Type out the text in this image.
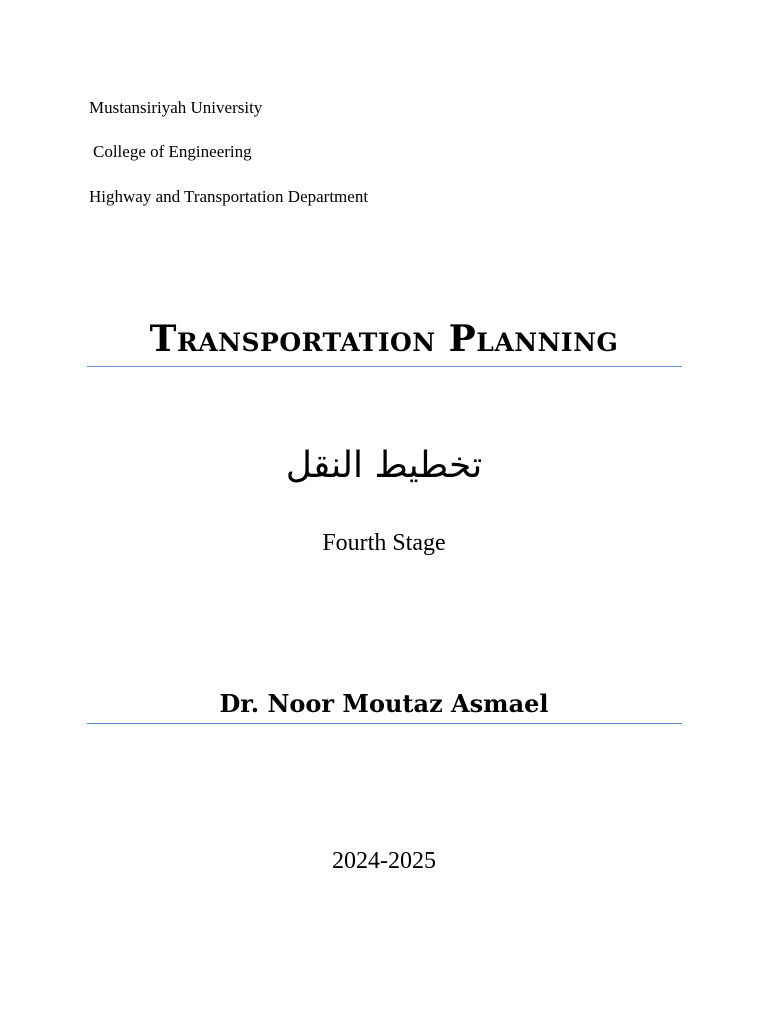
Mustansiriyah University
College of Engineering
Highway and Transportation Department
Transportation Planning
تخطيط النقل
Fourth Stage
Dr. Noor Moutaz Asmael
2024-2025
